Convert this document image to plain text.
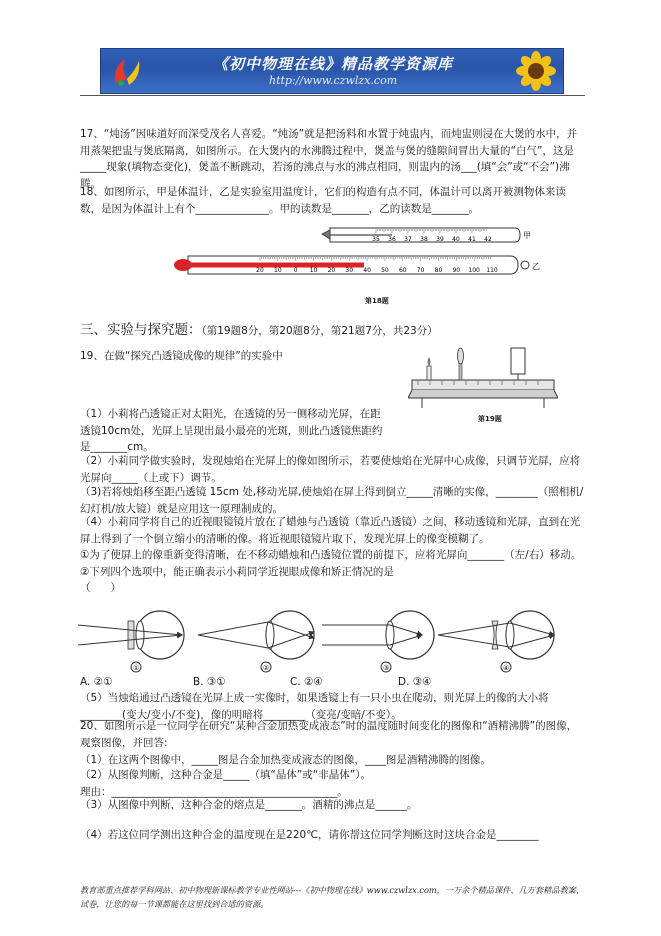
《初中物理在线》精品教学资源库
http://www.czwlzx.com
17、“炖汤”因味道好而深受茂名人喜爱。“炖汤”就是把汤料和水置于炖盅内，而炖盅则浸在大煲的水中，并用蒸架把盅与煲底隔离，如图所示。在大煲内的水沸腾过程中，煲盖与煲的缝隙间冒出大量的“白气”，这是_____现象(填物态变化)，煲盖不断跳动，若汤的沸点与水的沸点相同，则盅内的汤___(填“会”或“不会”)沸腾。
18、如图所示，甲是体温计，乙是实验室用温度计，它们的构造有点不同，体温计可以离开被测物体来读数，是因为体温计上有个______________。甲的读数是_______，乙的读数是_______。
35 36 37 38 39 40 41 42	甲
20 10 0 10 20 30 40 50 60 70 80 90 100 110	乙
第18题
三、实验与探究题：（第19题8分，第20题8分，第21题7分，共23分）
19、在做“探究凸透镜成像的规律”的实验中
第19题
（1）小莉将凸透镜正对太阳光，在透镜的另一侧移动光屏，在距透镜10cm处，光屏上呈现出最小最亮的光斑，则此凸透镜焦距约是_______cm。
（2）小莉同学做实验时，发现烛焰在光屏上的像如图所示，若要使烛焰在光屏中心成像，只调节光屏，应将光屏向_____（上或下）调节。
（3)若将烛焰移至距凸透镜 15cm 处,移动光屏,使烛焰在屏上得到倒立_____清晰的实像，________（照相机/幻灯机/放大镜）就是应用这一原理制成的。
（4）小莉同学将自己的近视眼镜镜片放在了蜡烛与凸透镜（靠近凸透镜）之间，移动透镜和光屏，直到在光屏上得到了一个倒立缩小的清晰的像。将近视眼镜镜片取下，发现光屏上的像变模糊了。
①为了使屏上的像重新变得清晰，在不移动蜡烛和凸透镜位置的前提下，应将光屏向_______（左/右）移动。
②下列四个选项中，能正确表示小莉同学近视眼成像和矫正情况的是
（      ）
①	②	③	④
A. ②①	B. ③①	C. ②④	D. ③④
（5）当烛焰通过凸透镜在光屏上成一实像时，如果透镜上有一只小虫在爬动，则光屏上的像的大小将________(变大/变小/不变)，像的明暗将________（变亮/变暗/不变）。
20、如图所示是一位同学在研究“某种合金加热变成液态”时的温度随时间变化的图像和“酒精沸腾”的图像，观察图像，并回答:
（1）在这两个图像中，_____图是合金加热变成液态的图像，____图是酒精沸腾的图像。
（2）从图像判断，这种合金是_____（填“晶体”或“非晶体”）。
理由：___________________________________________。
（3）从图像中判断，这种合金的熔点是_______。酒精的沸点是______。
（4）若这位同学测出这种合金的温度现在是220℃，请你帮这位同学判断这时这块合金是________
教育部重点推荐学科网站、初中物理新课标教学专业性网站---《初中物理在线》www.czwlzx.com，一万余个精品课件、几万套精品教案、试卷，让您的每一节课都能在这里找到合适的资源。
